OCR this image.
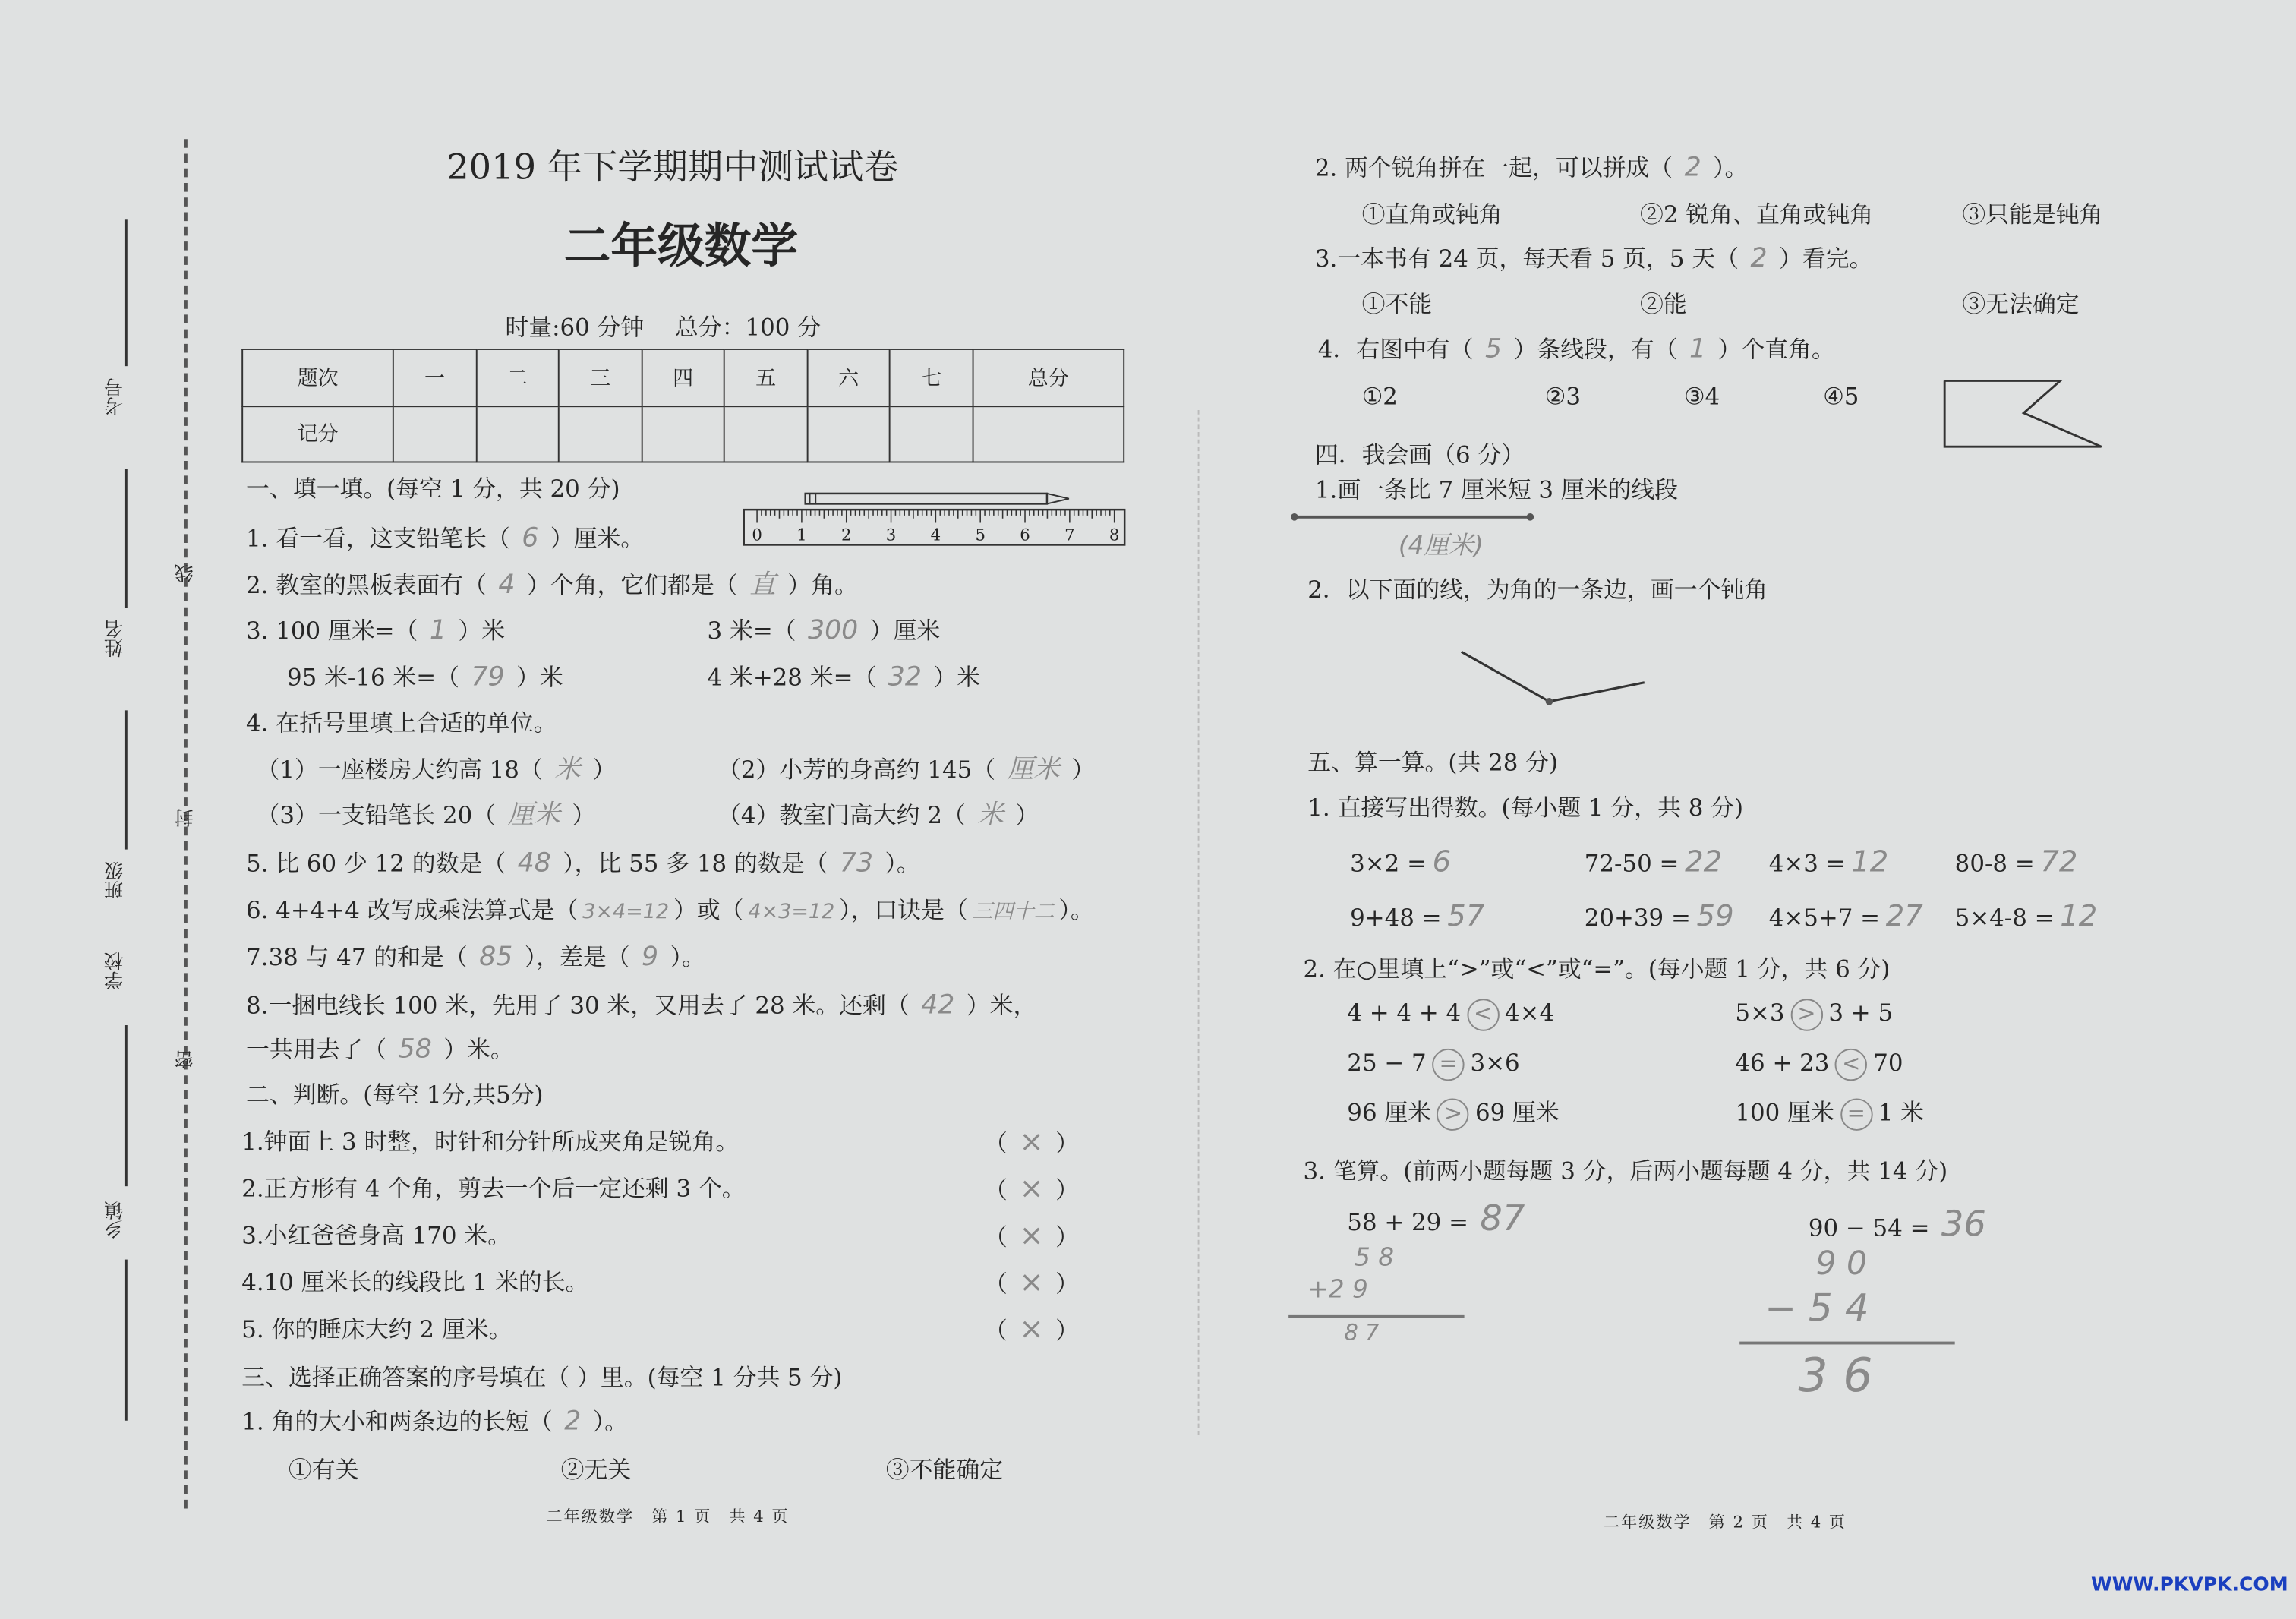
考号
姓名
班级
学校
乡镇
线
封
密
2019 年下学期期中测试试卷
二年级数学
时量:60 分钟　 总分：100 分
题次	一	二	三	四	五	六	七	总分
记分								
一、填一填。(每空 1 分，共 20 分)
0	1	2	3	4	5	6	7	8
1. 看一看，这支铅笔长（ 6 ）厘米。
2. 教室的黑板表面有（ 4 ）个角，它们都是（ 直 ）角。
3. 100 厘米=（ 1 ）米	3 米=（ 300 ）厘米
95 米-16 米=（ 79 ）米	4 米+28 米=（ 32 ）米
4. 在括号里填上合适的单位。
（1）一座楼房大约高 18（ 米 ）	（2）小芳的身高约 145（ 厘米 ）
（3）一支铅笔长 20（ 厘米 ）	（4）教室门高大约 2（ 米 ）
5. 比 60 少 12 的数是（ 48 ），比 55 多 18 的数是（ 73 ）。
6. 4+4+4 改写成乘法算式是（ 3×4=12 ）或（ 4×3=12 ），口诀是（ 三四十二 ）。
7.38 与 47 的和是（ 85 ），差是（ 9 ）。
8.一捆电线长 100 米，先用了 30 米，又用去了 28 米。还剩（ 42 ）米，
一共用去了（ 58 ）米。
二、判断。(每空 1分,共5分)
1.钟面上 3 时整，时针和分针所成夹角是锐角。	（ × ）
2.正方形有 4 个角，剪去一个后一定还剩 3 个。	（ × ）
3.小红爸爸身高 170 米。	（ × ）
4.10 厘米长的线段比 1 米的长。	（ × ）
5. 你的睡床大约 2 厘米。	（ × ）
三、选择正确答案的序号填在（ ）里。(每空 1 分共 5 分)
1. 角的大小和两条边的长短（ 2 ）。
①有关	②无关	③不能确定
二年级数学　第 1 页　共 4 页
2. 两个锐角拼在一起，可以拼成（ 2 ）。
①直角或钝角	②2 锐角、直角或钝角	③只能是钝角
3.一本书有 24 页，每天看 5 页，5 天（ 2 ）看完。
①不能	②能	③无法确定
4．右图中有（ 5 ）条线段，有（ 1 ）个直角。
①2	②3	③4	④5
四．我会画（6 分）
1.画一条比 7 厘米短 3 厘米的线段
(4厘米)
2．以下面的线，为角的一条边，画一个钝角
五、算一算。(共 28 分)
1. 直接写出得数。(每小题 1 分，共 8 分)
3×2 = 6	72-50 = 22	4×3 = 12	80-8 = 72
9+48 = 57	20+39 = 59	4×5+7 = 27	5×4-8 = 12
2. 在○里填上“>”或“<”或“=”。(每小题 1 分，共 6 分)
4 + 4 + 4 < 4×4	5×3 > 3 + 5
25 − 7 = 3×6	46 + 23 < 70
96 厘米 > 69 厘米	100 厘米 = 1 米
3. 笔算。(前两小题每题 3 分，后两小题每题 4 分，共 14 分)
58 + 29 = 87
5 8
+2 9
8 7
90 − 54 = 36
9 0
− 5 4
3 6
二年级数学　第 2 页　共 4 页
WWW.PKVPK.COM
